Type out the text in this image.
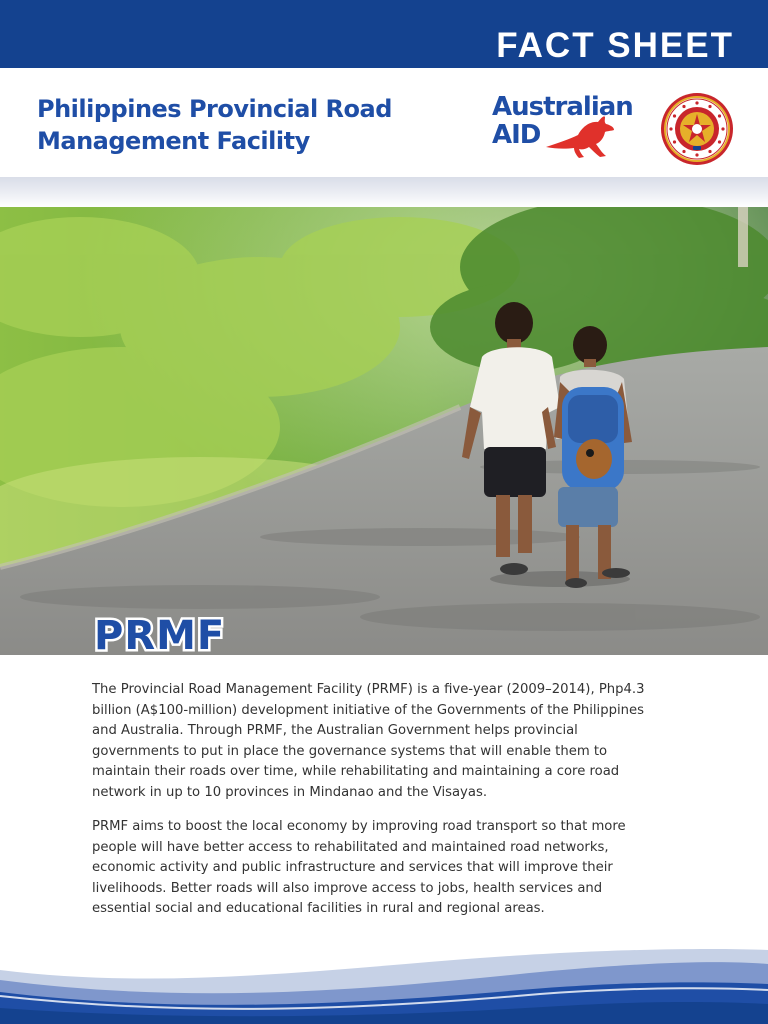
FACT SHEET
Philippines Provincial Road
Management Facility
Australian
AID
PRMF

The Provincial Road Management Facility (PRMF) is a five-year (2009–2014), Php4.3 billion (A$100-million) development initiative of the Governments of the Philippines and Australia. Through PRMF, the Australian Government helps provincial governments to put in place the governance systems that will enable them to maintain their roads over time, while rehabilitating and maintaining a core road network in up to 10 provinces in Mindanao and the Visayas.

PRMF aims to boost the local economy by improving road transport so that more people will have better access to rehabilitated and maintained road networks, economic activity and public infrastructure and services that will improve their livelihoods. Better roads will also improve access to jobs, health services and essential social and educational facilities in rural and regional areas.
